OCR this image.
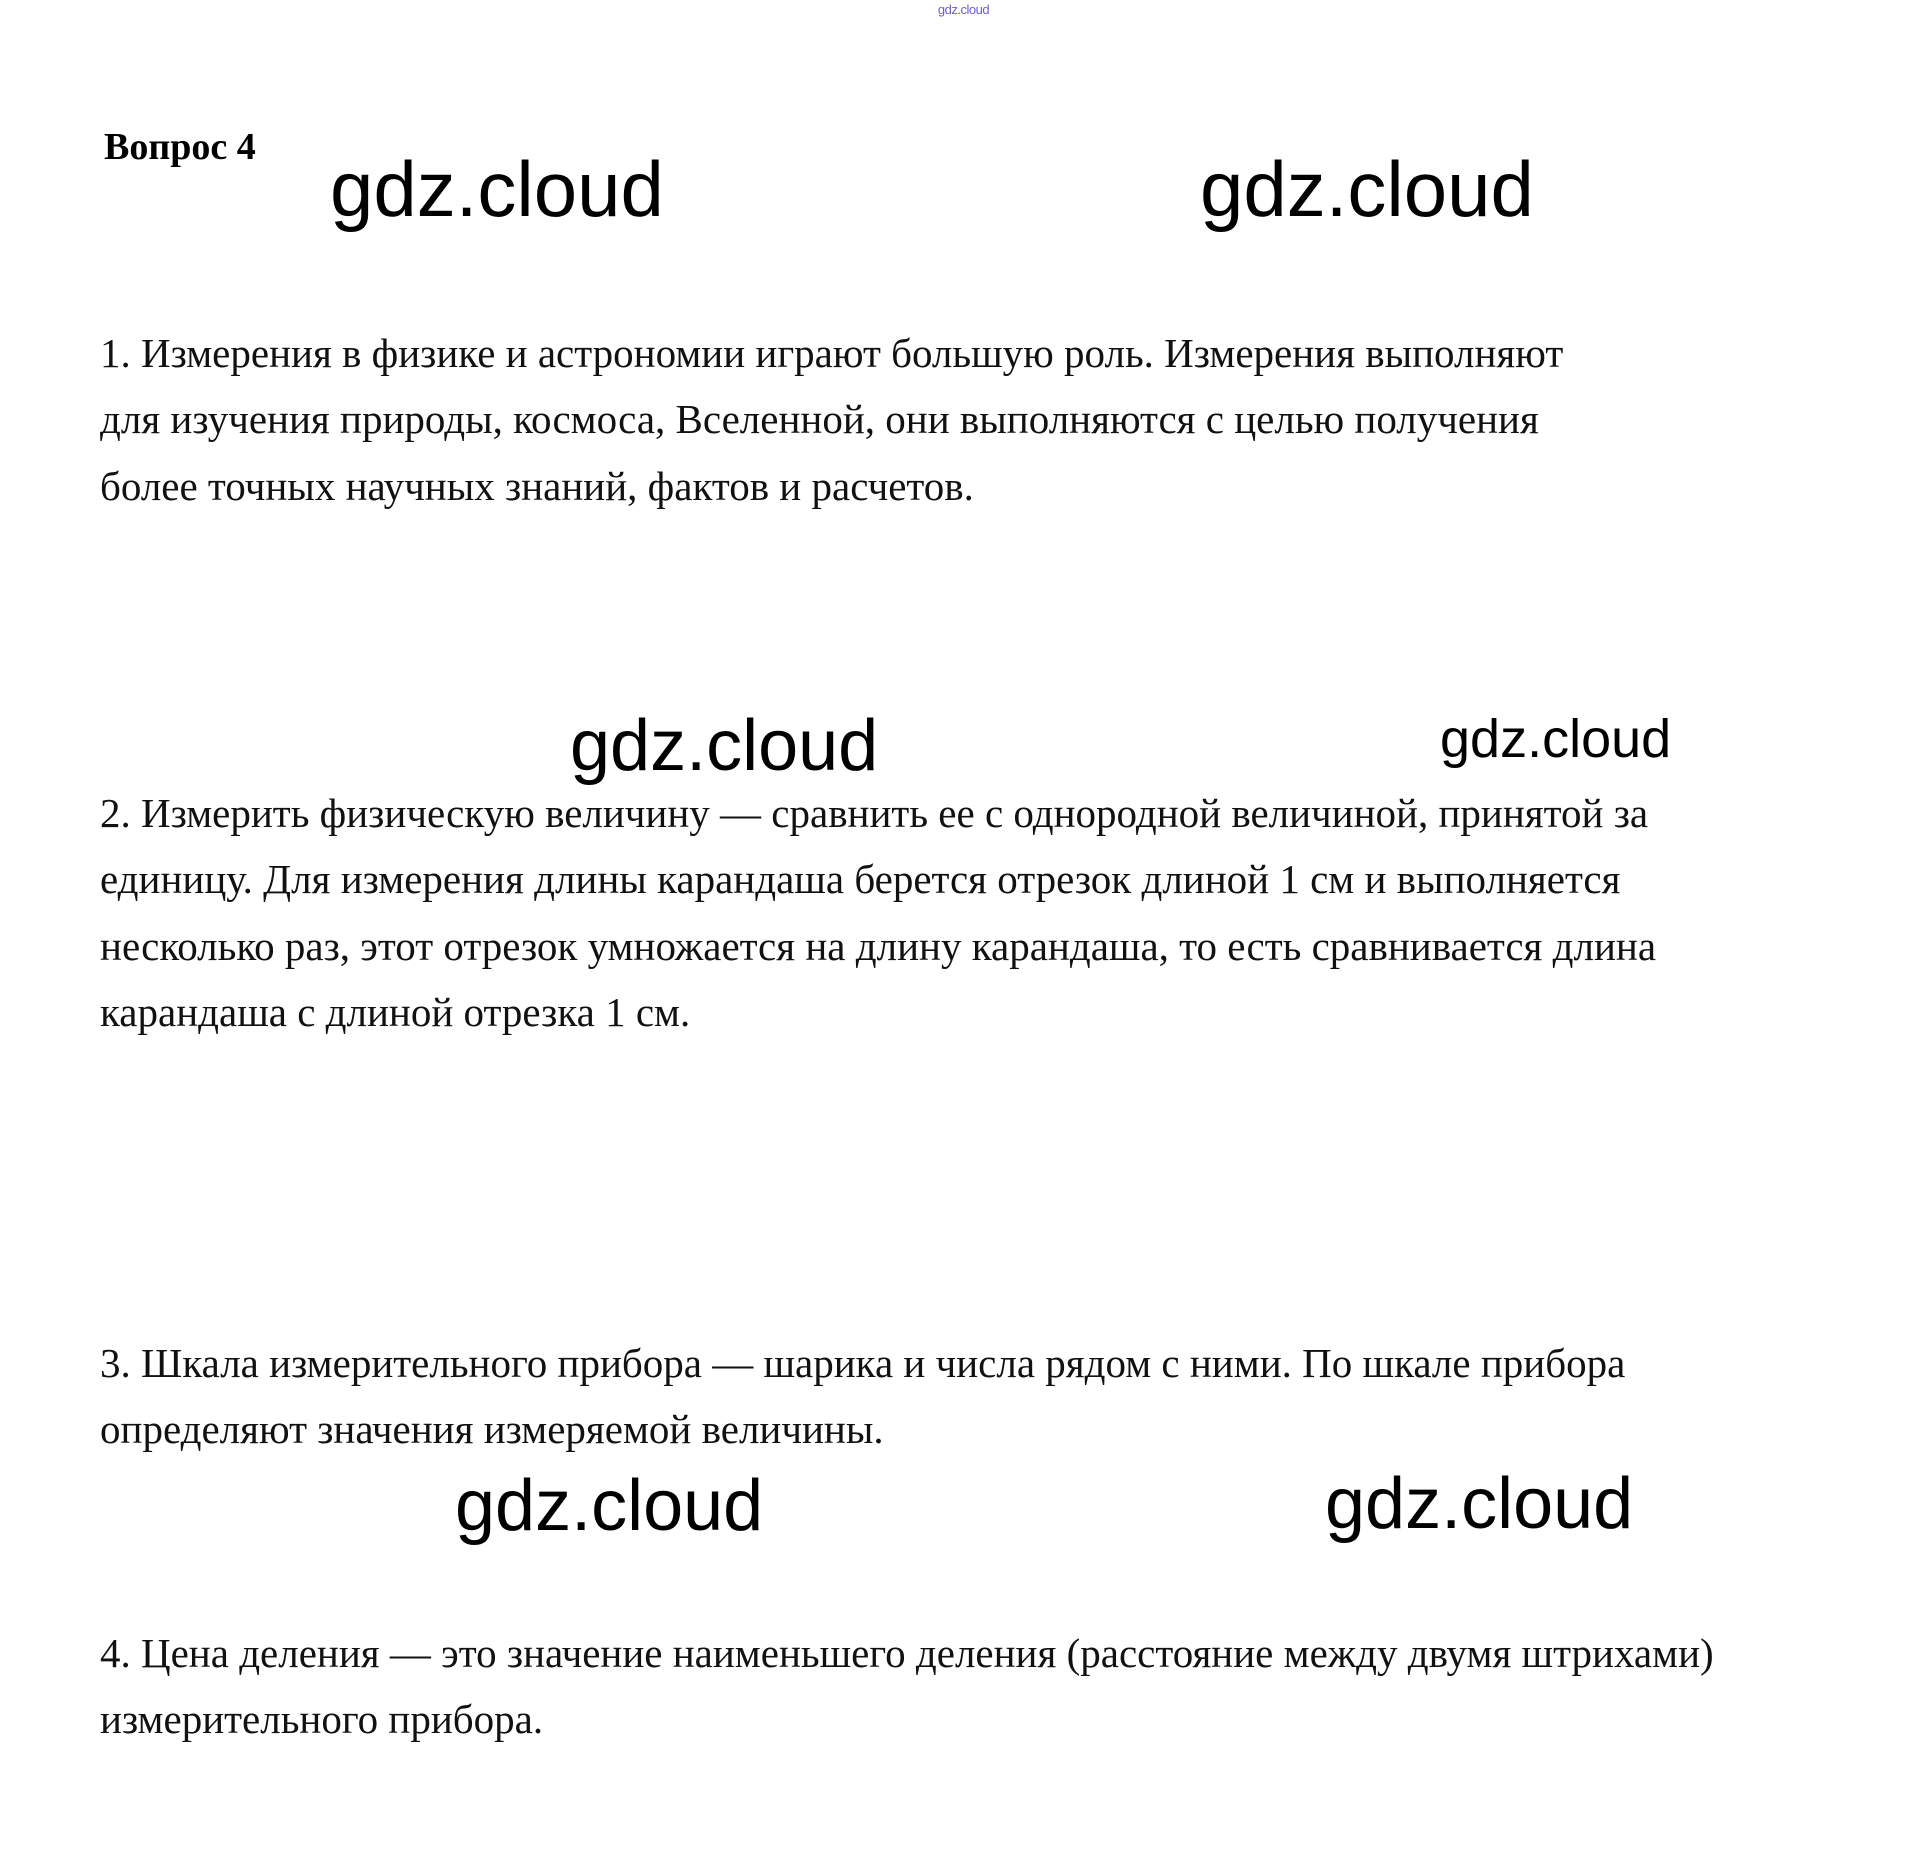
gdz.cloud
Вопрос 4
1. Измерения в физике и астрономии играют большую роль. Измерения выполняют для изучения природы, космоса, Вселенной, они выполняются с целью получения более точных научных знаний, фактов и расчетов.
2. Измерить физическую величину — сравнить ее с однородной величиной, принятой за единицу. Для измерения длины карандаша берется отрезок длиной 1 см и выполняется несколько раз, этот отрезок умножается на длину карандаша, то есть сравнивается длина карандаша с длиной отрезка 1 см.
3. Шкала измерительного прибора — шарика и числа рядом с ними. По шкале прибора определяют значения измеряемой величины.
4. Цена деления — это значение наименьшего деления (расстояние между двумя штрихами) измерительного прибора.
gdz.cloud	gdz.cloud
gdz.cloud	gdz.cloud
gdz.cloud	gdz.cloud
